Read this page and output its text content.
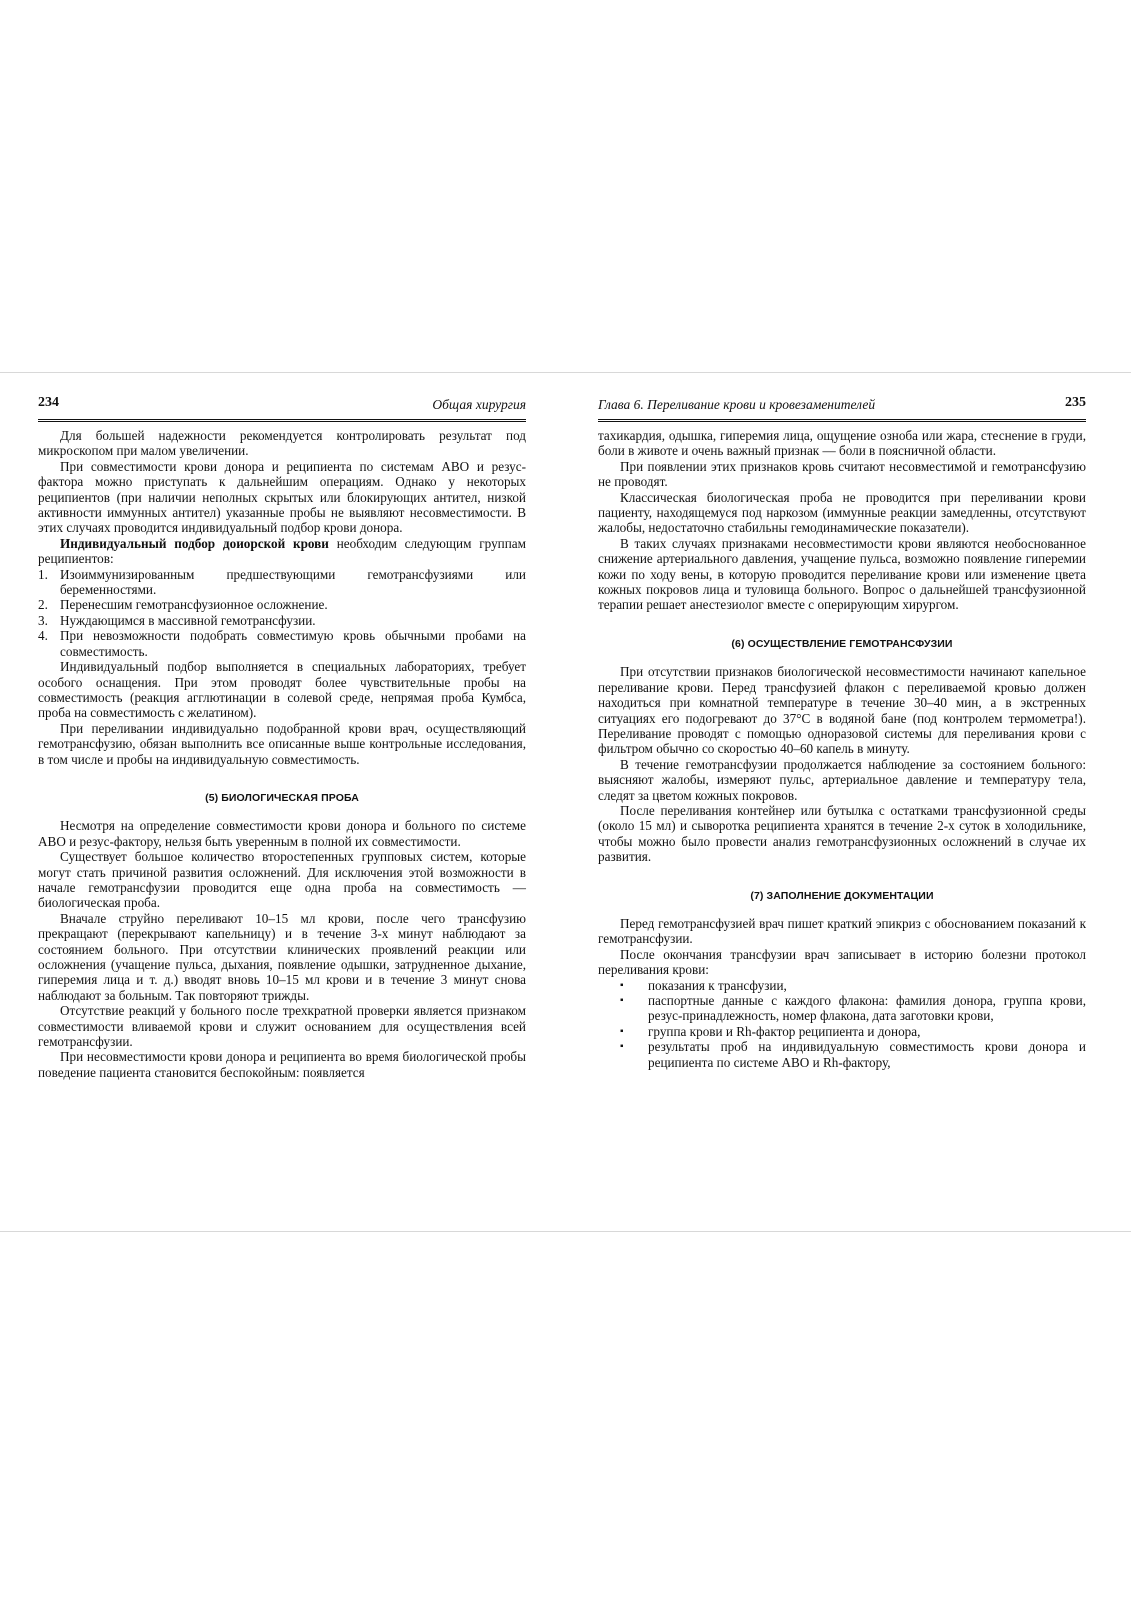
234	Общая хирургия

Для большей надежности рекомендуется контролировать результат под микроскопом при малом увеличении.

При совместимости крови донора и реципиента по системам АВО и резус-фактора можно приступать к дальнейшим операциям. Однако у некоторых реципиентов (при наличии неполных скрытых или блокирующих антител, низкой активности иммунных антител) указанные пробы не выявляют несовместимости. В этих случаях проводится индивидуальный подбор крови донора.

Индивидуальный подбор доиорской крови необходим следующим группам реципиентов:

1. Изоиммунизированным предшествующими гемотрансфузиями или беременностями.
2. Перенесшим гемотрансфузионное осложнение.
3. Нуждающимся в массивной гемотрансфузии.
4. При невозможности подобрать совместимую кровь обычными пробами на совместимость.

Индивидуальный подбор выполняется в специальных лабораториях, требует особого оснащения. При этом проводят более чувствительные пробы на совместимость (реакция агглютинации в солевой среде, непрямая проба Кумбса, проба на совместимость с желатином).

При переливании индивидуально подобранной крови врач, осуществляющий гемотрансфузию, обязан выполнить все описанные выше контрольные исследования, в том числе и пробы на индивидуальную совместимость.

(5) БИОЛОГИЧЕСКАЯ ПРОБА

Несмотря на определение совместимости крови донора и больного по системе АВО и резус-фактору, нельзя быть уверенным в полной их совместимости.

Существует большое количество второстепенных групповых систем, которые могут стать причиной развития осложнений. Для исключения этой возможности в начале гемотрансфузии проводится еще одна проба на совместимость — биологическая проба.

Вначале струйно переливают 10–15 мл крови, после чего трансфузию прекращают (перекрывают капельницу) и в течение 3-х минут наблюдают за состоянием больного. При отсутствии клинических проявлений реакции или осложнения (учащение пульса, дыхания, появление одышки, затрудненное дыхание, гиперемия лица и т. д.) вводят вновь 10–15 мл крови и в течение 3 минут снова наблюдают за больным. Так повторяют трижды.

Отсутствие реакций у больного после трехкратной проверки является признаком совместимости вливаемой крови и служит основанием для осуществления всей гемотрансфузии.

При несовместимости крови донора и реципиента во время биологической пробы поведение пациента становится беспокойным: появляется

Глава 6. Переливание крови и кровезаменителей	235

тахикардия, одышка, гиперемия лица, ощущение озноба или жара, стеснение в груди, боли в животе и очень важный признак — боли в поясничной области.

При появлении этих признаков кровь считают несовместимой и гемотрансфузию не проводят.

Классическая биологическая проба не проводится при переливании крови пациенту, находящемуся под наркозом (иммунные реакции замедленны, отсутствуют жалобы, недостаточно стабильны гемодинамические показатели).

В таких случаях признаками несовместимости крови являются необоснованное снижение артериального давления, учащение пульса, возможно появление гиперемии кожи по ходу вены, в которую проводится переливание крови или изменение цвета кожных покровов лица и туловища больного. Вопрос о дальнейшей трансфузионной терапии решает анестезиолог вместе с оперирующим хирургом.

(6) ОСУЩЕСТВЛЕНИЕ ГЕМОТРАНСФУЗИИ

При отсутствии признаков биологической несовместимости начинают капельное переливание крови. Перед трансфузией флакон с переливаемой кровью должен находиться при комнатной температуре в течение 30–40 мин, а в экстренных ситуациях его подогревают до 37°С в водяной бане (под контролем термометра!). Переливание проводят с помощью одноразовой системы для переливания крови с фильтром обычно со скоростью 40–60 капель в минуту.

В течение гемотрансфузии продолжается наблюдение за состоянием больного: выясняют жалобы, измеряют пульс, артериальное давление и температуру тела, следят за цветом кожных покровов.

После переливания контейнер или бутылка с остатками трансфузионной среды (около 15 мл) и сыворотка реципиента хранятся в течение 2-х суток в холодильнике, чтобы можно было провести анализ гемотрансфузионных осложнений в случае их развития.

(7) ЗАПОЛНЕНИЕ ДОКУМЕНТАЦИИ

Перед гемотрансфузией врач пишет краткий эпикриз с обоснованием показаний к гемотрансфузии.

После окончания трансфузии врач записывает в историю болезни протокол переливания крови:

▪ показания к трансфузии,
▪ паспортные данные с каждого флакона: фамилия донора, группа крови, резус-принадлежность, номер флакона, дата заготовки крови,
▪ группа крови и Rh-фактор реципиента и донора,
▪ результаты проб на индивидуальную совместимость крови донора и реципиента по системе АВО и Rh-фактору,
